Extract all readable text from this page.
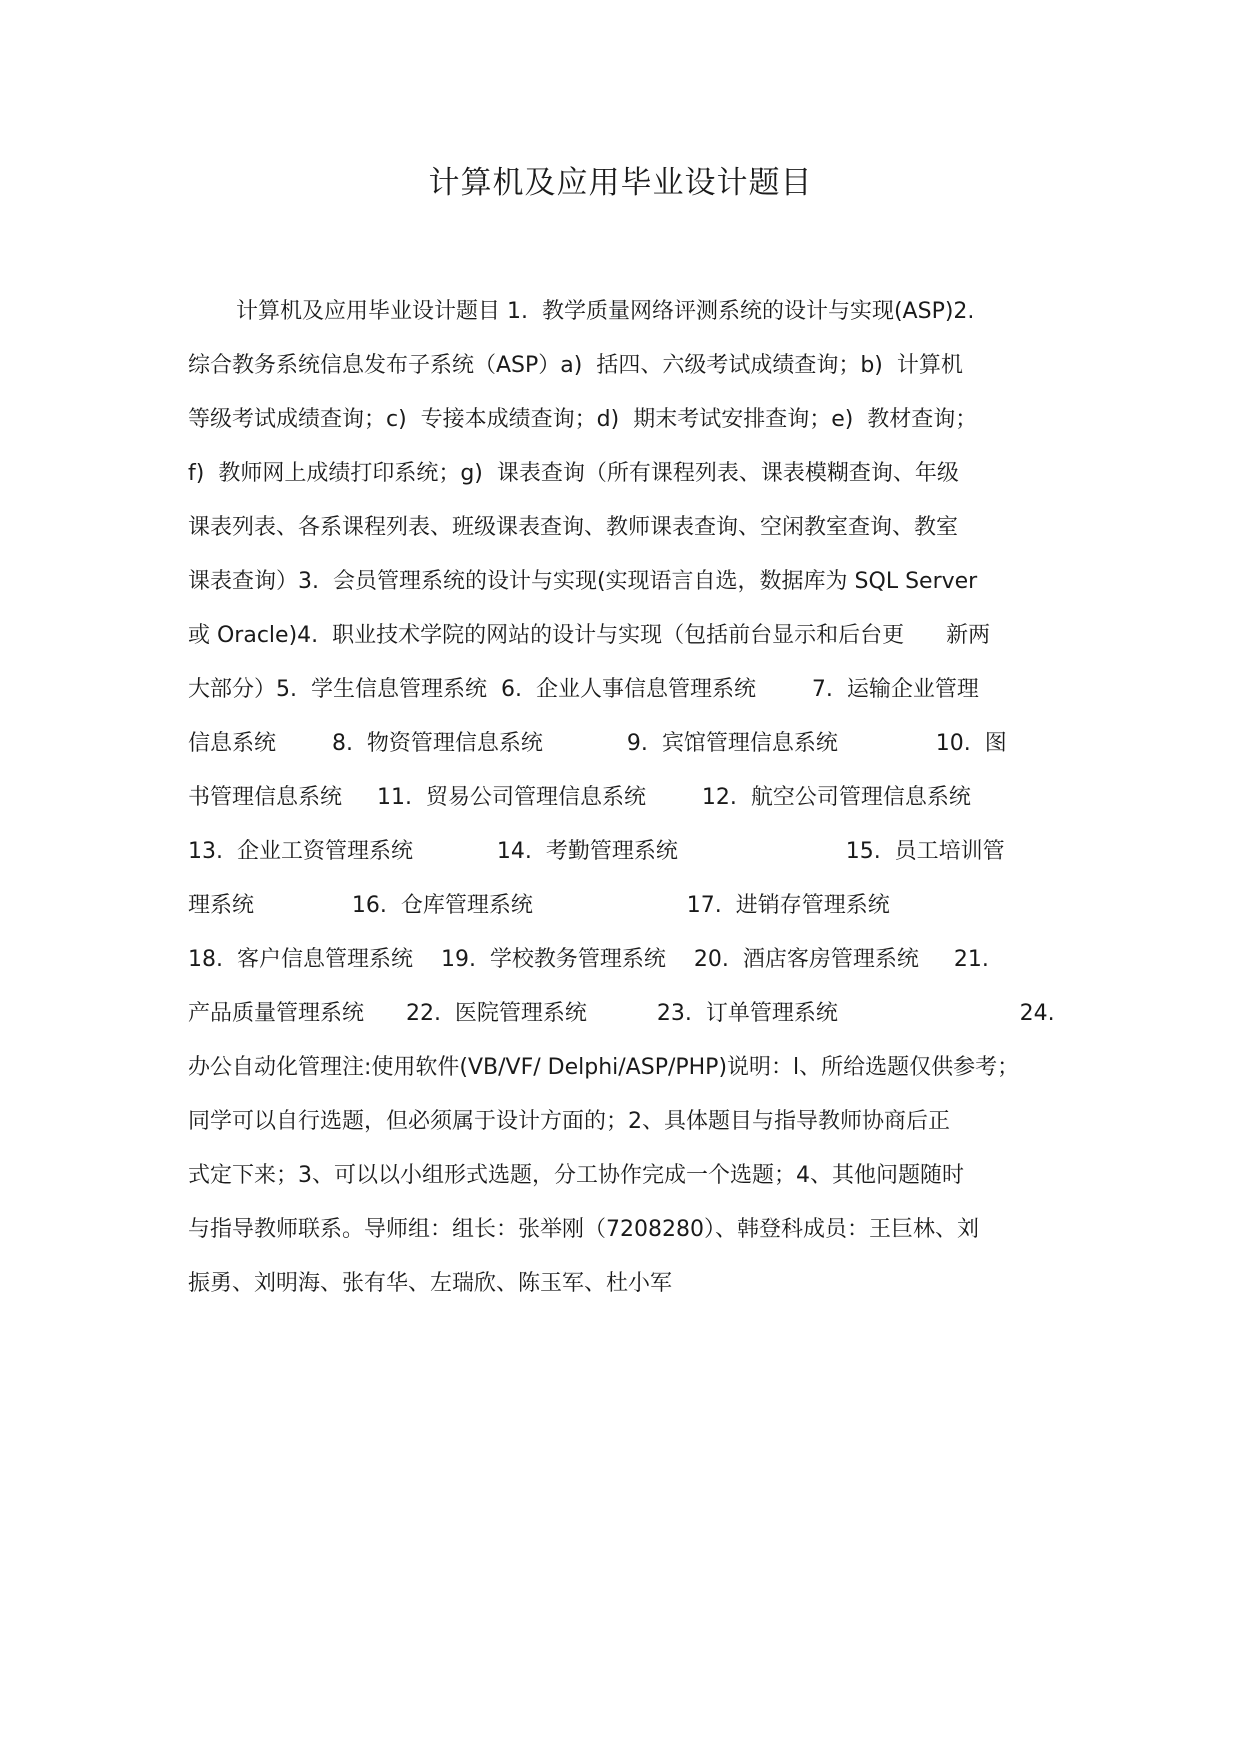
计算机及应用毕业设计题目
计算机及应用毕业设计题目 1.  教学质量网络评测系统的设计与实现(ASP)2.
综合教务系统信息发布子系统（ASP）a)  括四、六级考试成绩查询；b)  计算机
等级考试成绩查询；c)  专接本成绩查询；d)  期末考试安排查询；e)  教材查询；
f)  教师网上成绩打印系统；g)  课表查询（所有课程列表、课表模糊查询、年级
课表列表、各系课程列表、班级课表查询、教师课表查询、空闲教室查询、教室
课表查询）3.  会员管理系统的设计与实现(实现语言自选，数据库为 SQL Server
或 Oracle)4.  职业技术学院的网站的设计与实现（包括前台显示和后台更      新两
大部分）5.  学生信息管理系统  6.  企业人事信息管理系统        7.  运输企业管理
信息系统        8.  物资管理信息系统            9.  宾馆管理信息系统              10.  图
书管理信息系统     11.  贸易公司管理信息系统        12.  航空公司管理信息系统
13.  企业工资管理系统            14.  考勤管理系统                        15.  员工培训管
理系统              16.  仓库管理系统                      17.  进销存管理系统
18.  客户信息管理系统    19.  学校教务管理系统    20.  酒店客房管理系统     21.
产品质量管理系统      22.  医院管理系统          23.  订单管理系统                          24.
办公自动化管理注:使用软件(VB/VF/ Delphi/ASP/PHP)说明：l、所给选题仅供参考；
同学可以自行选题，但必须属于设计方面的；2、具体题目与指导教师协商后正
式定下来；3、可以以小组形式选题，分工协作完成一个选题；4、其他问题随时
与指导教师联系。导师组：组长：张举刚（7208280）、韩登科成员：王巨林、刘
振勇、刘明海、张有华、左瑞欣、陈玉军、杜小军
